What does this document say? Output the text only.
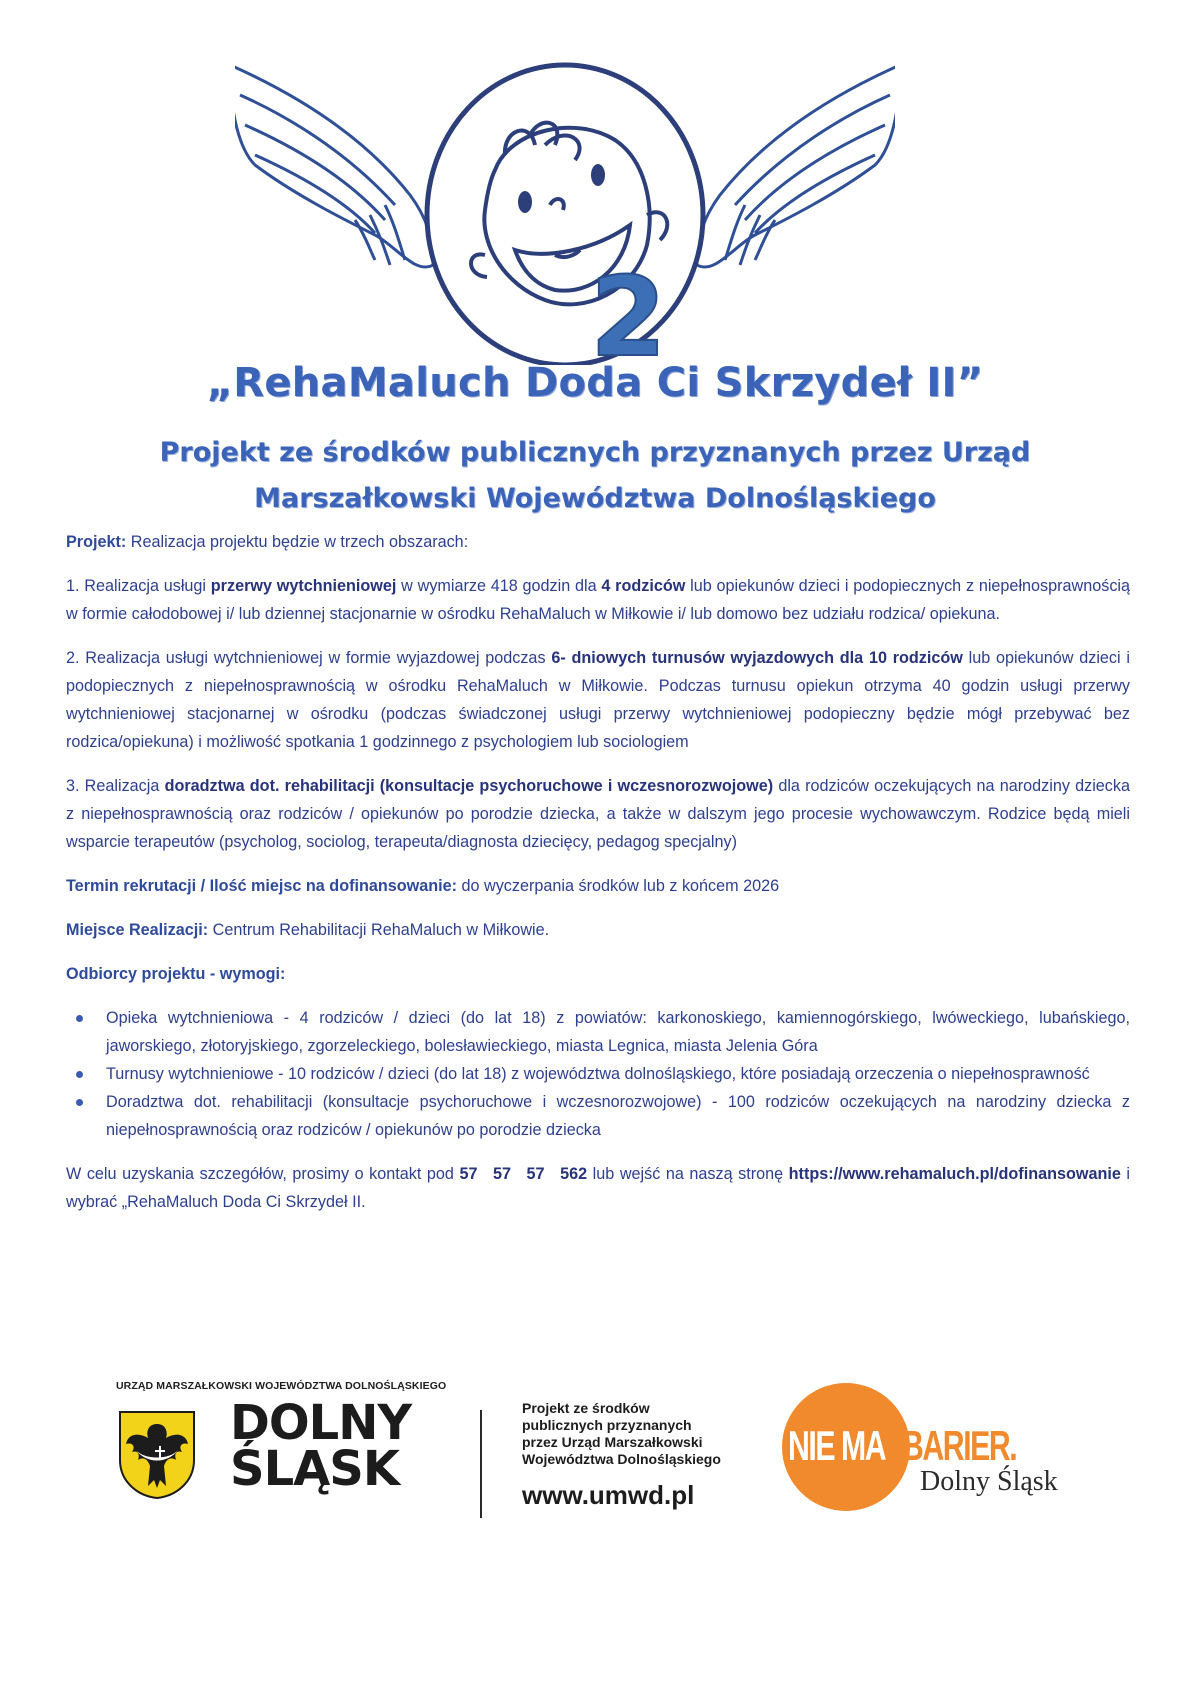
2
„RehaMaluch Doda Ci Skrzydeł II”
Projekt ze środków publicznych przyznanych przez Urząd
Marszałkowski Województwa Dolnośląskiego

Projekt: Realizacja projektu będzie w trzech obszarach:

1. Realizacja usługi przerwy wytchnieniowej w wymiarze 418 godzin dla 4 rodziców lub opiekunów dzieci i podopiecznych z niepełnosprawnością w formie całodobowej i/ lub dziennej stacjonarnie w ośrodku RehaMaluch w Miłkowie i/ lub domowo bez udziału rodzica/ opiekuna.

2. Realizacja usługi wytchnieniowej w formie wyjazdowej podczas 6- dniowych turnusów wyjazdowych dla 10 rodziców lub opiekunów dzieci i podopiecznych z niepełnosprawnością w ośrodku RehaMaluch w Miłkowie. Podczas turnusu opiekun otrzyma 40 godzin usługi przerwy wytchnieniowej stacjonarnej w ośrodku (podczas świadczonej usługi przerwy wytchnieniowej podopieczny będzie mógł przebywać bez rodzica/opiekuna) i możliwość spotkania 1 godzinnego z psychologiem lub sociologiem

3. Realizacja doradztwa dot. rehabilitacji (konsultacje psychoruchowe i wczesnorozwojowe) dla rodziców oczekujących na narodziny dziecka z niepełnosprawnością oraz rodziców / opiekunów po porodzie dziecka, a także w dalszym jego procesie wychowawczym. Rodzice będą mieli wsparcie terapeutów (psycholog, sociolog, terapeuta/diagnosta dziecięcy, pedagog specjalny)

Termin rekrutacji / Ilość miejsc na dofinansowanie: do wyczerpania środków lub z końcem 2026

Miejsce Realizacji: Centrum Rehabilitacji RehaMaluch w Miłkowie.

Odbiorcy projektu - wymogi:

Opieka wytchnieniowa - 4 rodziców / dzieci (do lat 18) z powiatów: karkonoskiego, kamiennogórskiego, lwóweckiego, lubańskiego, jaworskiego, złotoryjskiego, zgorzeleckiego, bolesławieckiego, miasta Legnica, miasta Jelenia Góra
Turnusy wytchnieniowe - 10 rodziców / dzieci (do lat 18) z województwa dolnośląskiego, które posiadają orzeczenia o niepełnosprawność
Doradztwa dot. rehabilitacji (konsultacje psychoruchowe i wczesnorozwojowe) - 100 rodziców oczekujących na narodziny dziecka z niepełnosprawnością oraz rodziców / opiekunów po porodzie dziecka

W celu uzyskania szczegółów, prosimy o kontakt pod 57 57 57 562 lub wejść na naszą stronę https://www.rehamaluch.pl/dofinansowanie i wybrać „RehaMaluch Doda Ci Skrzydeł II.

URZĄD MARSZAŁKOWSKI WOJEWÓDZTWA DOLNOŚLĄSKIEGO
DOLNY
ŚLĄSK
Projekt ze środków
publicznych przyznanych
przez Urząd Marszałkowski
Województwa Dolnośląskiego
www.umwd.pl
NIE MA BARIER.
Dolny Śląsk
